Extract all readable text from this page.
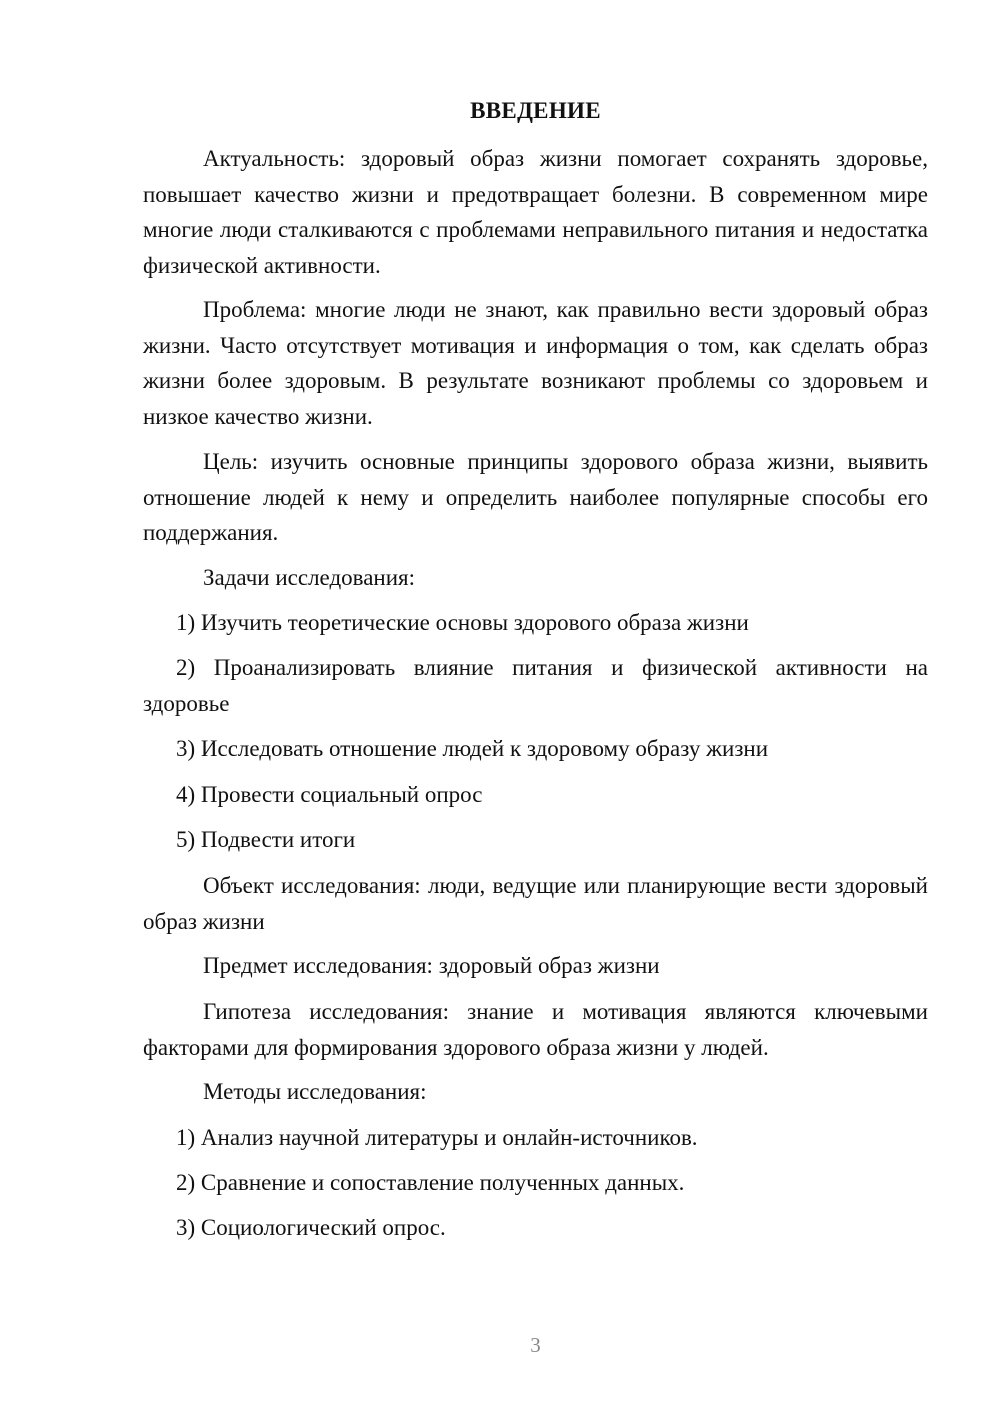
ВВЕДЕНИЕ

Актуальность: здоровый образ жизни помогает сохранять здоровье, повышает качество жизни и предотвращает болезни. В современном мире многие люди сталкиваются с проблемами неправильного питания и недостатка физической активности.

Проблема: многие люди не знают, как правильно вести здоровый образ жизни. Часто отсутствует мотивация и информация о том, как сделать образ жизни более здоровым. В результате возникают проблемы со здоровьем и низкое качество жизни.

Цель: изучить основные принципы здорового образа жизни, выявить отношение людей к нему и определить наиболее популярные способы его поддержания.

Задачи исследования:

1) Изучить теоретические основы здорового образа жизни

2) Проанализировать влияние питания и физической активности на здоровье

3) Исследовать отношение людей к здоровому образу жизни

4) Провести социальный опрос

5) Подвести итоги

Объект исследования: люди, ведущие или планирующие вести здоровый образ жизни

Предмет исследования: здоровый образ жизни

Гипотеза исследования: знание и мотивация являются ключевыми факторами для формирования здорового образа жизни у людей.

Методы исследования:

1) Анализ научной литературы и онлайн-источников.

2) Сравнение и сопоставление полученных данных.

3) Социологический опрос.

3
